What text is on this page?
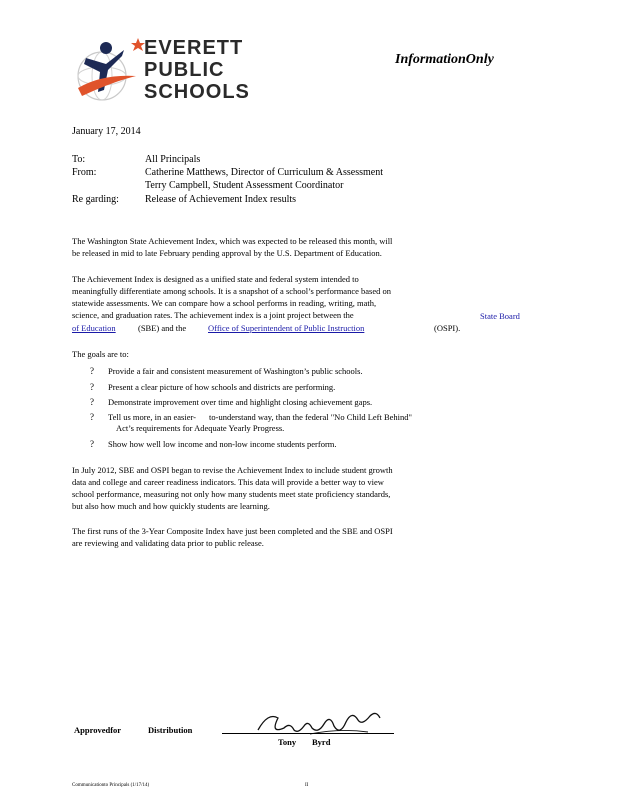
EVERETT
PUBLIC
SCHOOLS
InformationOnly
January 17, 2014
To:	All Principals
From:	Catherine Matthews, Director of Curriculum & Assessment
Terry Campbell, Student Assessment Coordinator
Re garding:	Release of Achievement Index results
The Washington State Achievement Index, which was expected to be released this month, will
be released in mid to late February pending approval by the U.S. Department of Education.
The Achievement Index is designed as a unified state and federal system intended to
meaningfully differentiate among schools. It is a snapshot of a school’s performance based on
statewide assessments. We can compare how a school performs in reading, writing, math,
science, and graduation rates. The achievement index is a joint project between the	State Board
of Education	(SBE) and the	Office of Superintendent of Public Instruction	(OSPI).
The goals are to:
? Provide a fair and consistent measurement of Washington’s public schools.
? Present a clear picture of how schools and districts are performing.
? Demonstrate improvement over time and highlight closing achievement gaps.
? Tell us more, in an easier- to-understand way, than the federal "No Child Left Behind"
Act’s requirements for Adequate Yearly Progress.
? Show how well low income and non-low income students perform.
In July 2012, SBE and OSPI began to revise the Achievement Index to include student growth
data and college and career readiness indicators. This data will provide a better way to view
school performance, measuring not only how many students meet state proficiency standards,
but also how much and how quickly students are learning.
The first runs of the 3-Year Composite Index have just been completed and the SBE and OSPI
are reviewing and validating data prior to public release.
Approvedfor	Distribution
Tony Byrd
Communicationto Principals (1/17/14)	II
